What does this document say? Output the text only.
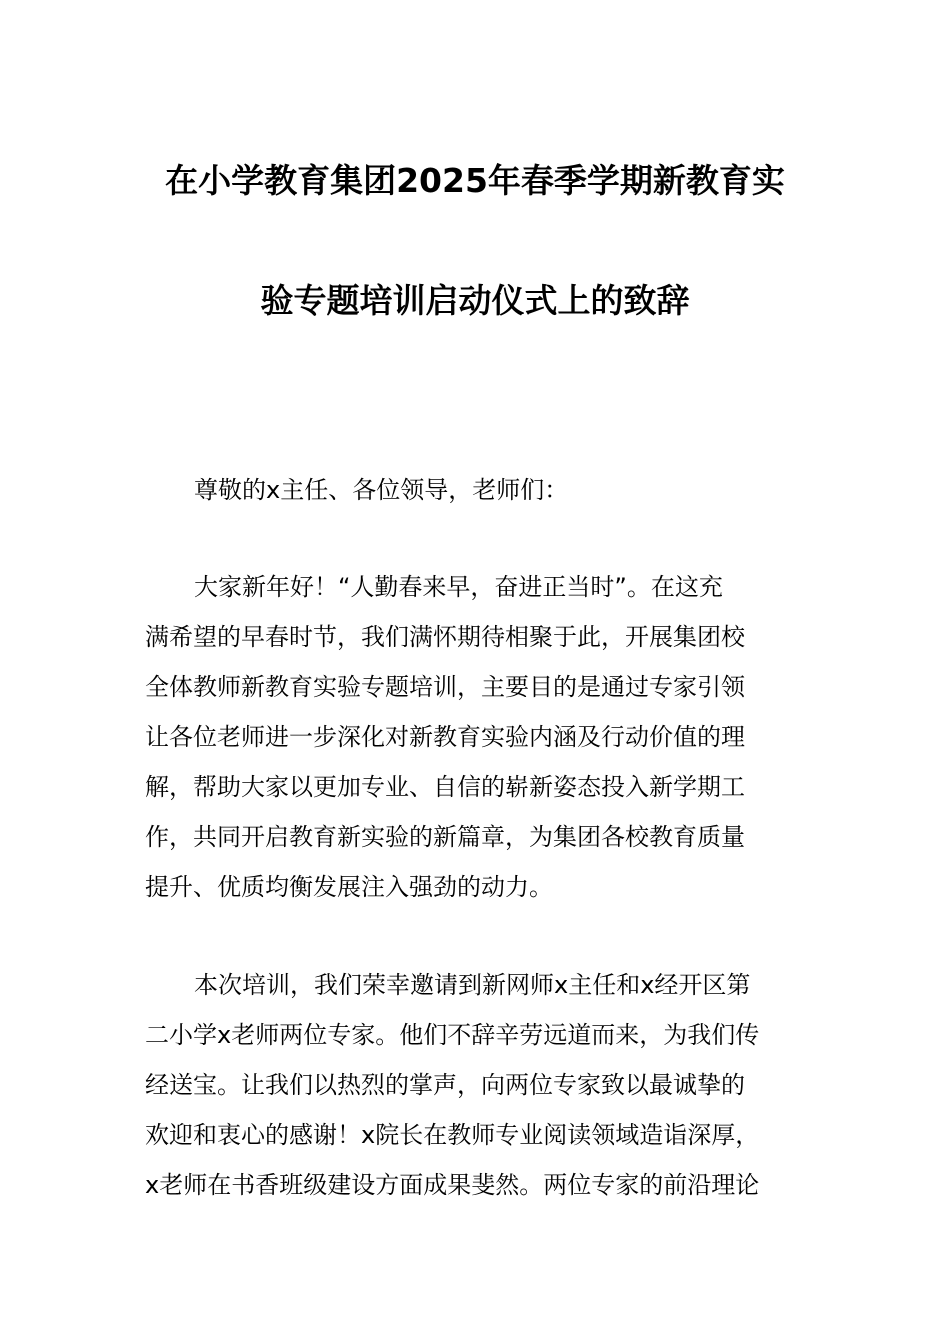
在小学教育集团2025年春季学期新教育实
验专题培训启动仪式上的致辞
尊敬的x主任、各位领导，老师们：
大家新年好！“人勤春来早，奋进正当时”。在这充
满希望的早春时节，我们满怀期待相聚于此，开展集团校
全体教师新教育实验专题培训，主要目的是通过专家引领
让各位老师进一步深化对新教育实验内涵及行动价值的理
解，帮助大家以更加专业、自信的崭新姿态投入新学期工
作，共同开启教育新实验的新篇章，为集团各校教育质量
提升、优质均衡发展注入强劲的动力。
本次培训，我们荣幸邀请到新网师x主任和x经开区第
二小学x老师两位专家。他们不辞辛劳远道而来，为我们传
经送宝。让我们以热烈的掌声，向两位专家致以最诚挚的
欢迎和衷心的感谢！x院长在教师专业阅读领域造诣深厚，
x老师在书香班级建设方面成果斐然。两位专家的前沿理论
